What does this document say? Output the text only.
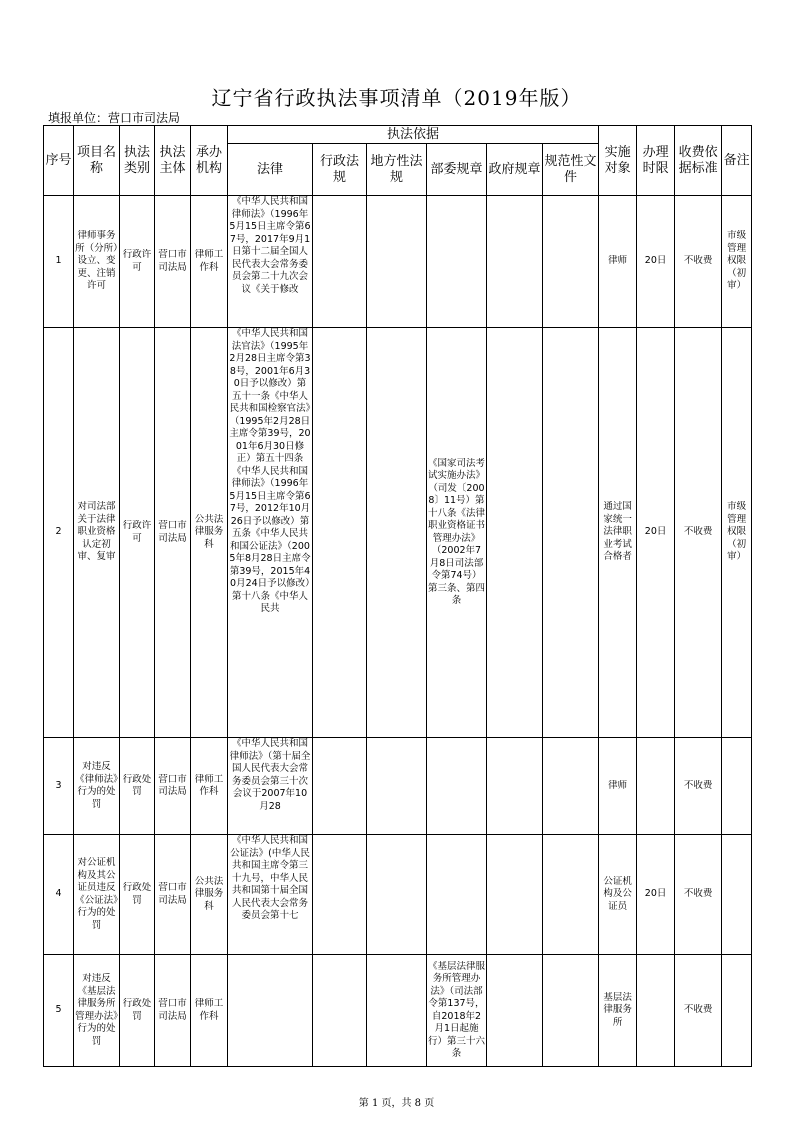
辽宁省行政执法事项清单（2019年版）
填报单位：营口市司法局
序号	项目名称	执法类别	执法主体	承办机构	执法依据						实施对象	办理时限	收费依据标准	备注
					法律	行政法规	地方性法规	部委规章	政府规章	规范性文件				

1	律师事务所（分所）设立、变更、注销许可	行政许可	营口市司法局	律师工作科	《中华人民共和国律师法》（1996年5月15日主席令第67号，2017年9月1日第十二届全国人民代表大会常务委员会第二十九次会议《关于修改						律师	20日	不收费	市级管理权限（初审）

2	对司法部关于法律职业资格认定初审、复审	行政许可	营口市司法局	公共法律服务科	《中华人民共和国法官法》（1995年2月28日主席令第38号，2001年6月30日予以修改）第五十一条《中华人民共和国检察官法》（1995年2月28日主席令第39号，2001年6月30日修正）第五十四条《中华人民共和国律师法》（1996年5月15日主席令第67号，2012年10月26日予以修改）第五条《中华人民共和国公证法》（2005年8月28日主席令第39号，2015年40月24日予以修改）第十八条《中华人民共			《国家司法考试实施办法》（司发〔2008〕11号）第十八条《法律职业资格证书管理办法》（2002年7月8日司法部令第74号）第三条、第四条			通过国家统一法律职业考试合格者	20日	不收费	市级管理权限（初审）

3	对违反《律师法》行为的处罚	行政处罚	营口市司法局	律师工作科	《中华人民共和国律师法》（第十届全国人民代表大会常务委员会第三十次会议于2007年10月28						律师		不收费	

4	对公证机构及其公证员违反《公证法》行为的处罚	行政处罚	营口市司法局	公共法律服务科	《中华人民共和国公证法》(中华人民共和国主席令第三十九号，中华人民共和国第十届全国人民代表大会常务委员会第十七						公证机构及公证员	20日	不收费	

5	对违反《基层法律服务所管理办法》行为的处罚	行政处罚	营口市司法局	律师工作科				《基层法律服务所管理办法》（司法部令第137号，自2018年2月1日起施行）第三十六条			基层法律服务所		不收费	

第 1 页，共 8 页
